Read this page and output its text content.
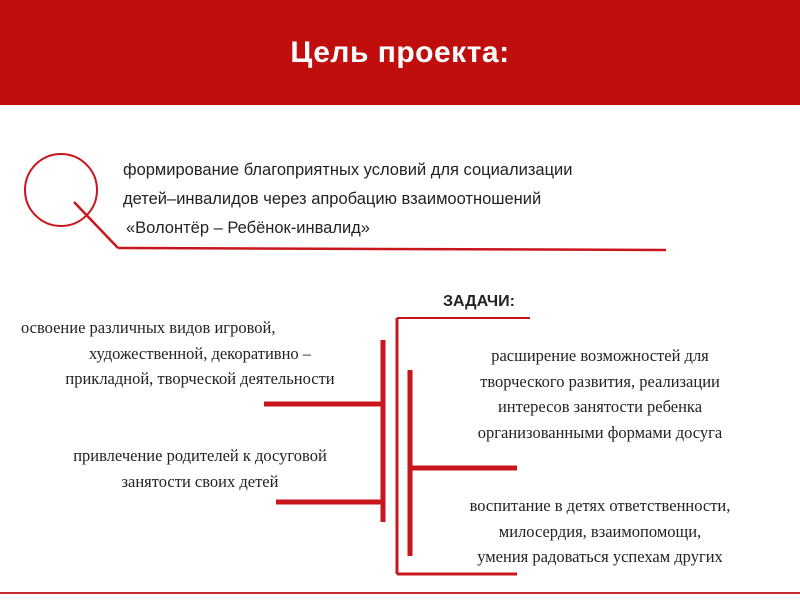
Цель проекта:
формирование благоприятных условий для социализации
детей–инвалидов через апробацию взаимоотношений
«Волонтёр – Ребёнок-инвалид»
ЗАДАЧИ:
освоение различных видов игровой,
художественной, декоративно –
прикладной, творческой деятельности
расширение возможностей для
творческого развития, реализации
интересов занятости ребенка
организованными формами досуга
привлечение родителей к досуговой
занятости своих детей
воспитание в детях ответственности,
милосердия, взаимопомощи,
умения радоваться успехам других
